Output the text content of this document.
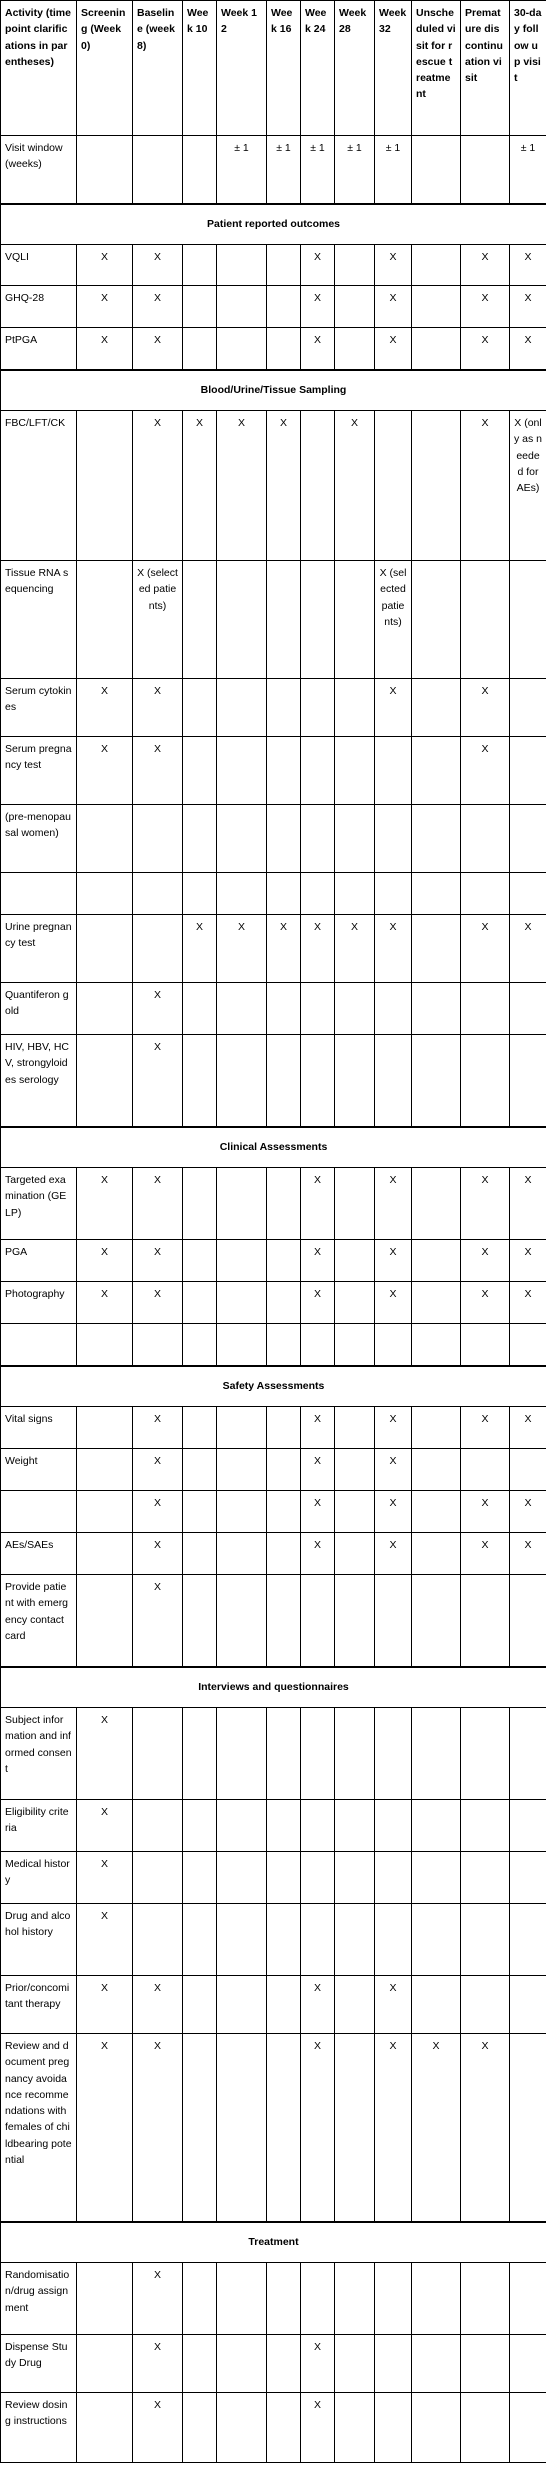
Activity (time point clarifications in parentheses)	Screening (Week 0)	Baseline (week 8)	Week 10	Week 12	Week 16	Week 24	Week 28	Week 32	Unscheduled visit for rescue treatment	Premature discontinuation visit	30-day follow up visit
Visit window (weeks)				± 1	± 1	± 1	± 1	± 1			± 1
Patient reported outcomes											
VQLI	X	X				X		X		X	X
GHQ-28	X	X				X		X		X	X
PtPGA	X	X				X		X		X	X
Blood/Urine/Tissue Sampling											
FBC/LFT/CK		X	X	X	X		X			X	X (only as needed for AEs)
Tissue RNA sequencing		X (selected patients)						X (selected patients)			
Serum cytokines	X	X						X		X	
Serum pregnancy test	X	X								X	
(pre-menopausal women)											

Urine pregnancy test			X	X	X	X	X	X		X	X
Quantiferon gold		X									
HIV, HBV, HCV, strongyloides serology		X									
Clinical Assessments											
Targeted examination (GELP)	X	X				X		X		X	X
PGA	X	X				X		X		X	X
Photography	X	X				X		X		X	X

Safety Assessments											
Vital signs		X				X		X		X	X
Weight		X				X		X			
		X				X		X		X	X
AEs/SAEs		X				X		X		X	X
Provide patient with emergency contact card		X									
Interviews and questionnaires											
Subject information and informed consent	X										
Eligibility criteria	X										
Medical history	X										
Drug and alcohol history	X										
Prior/concomitant therapy	X	X				X		X			
Review and document pregnancy avoidance recommendations with females of childbearing potential	X	X				X		X	X	X	
Treatment											
Randomisation/drug assignment		X									
Dispense Study Drug		X				X					
Review dosing instructions		X				X					
